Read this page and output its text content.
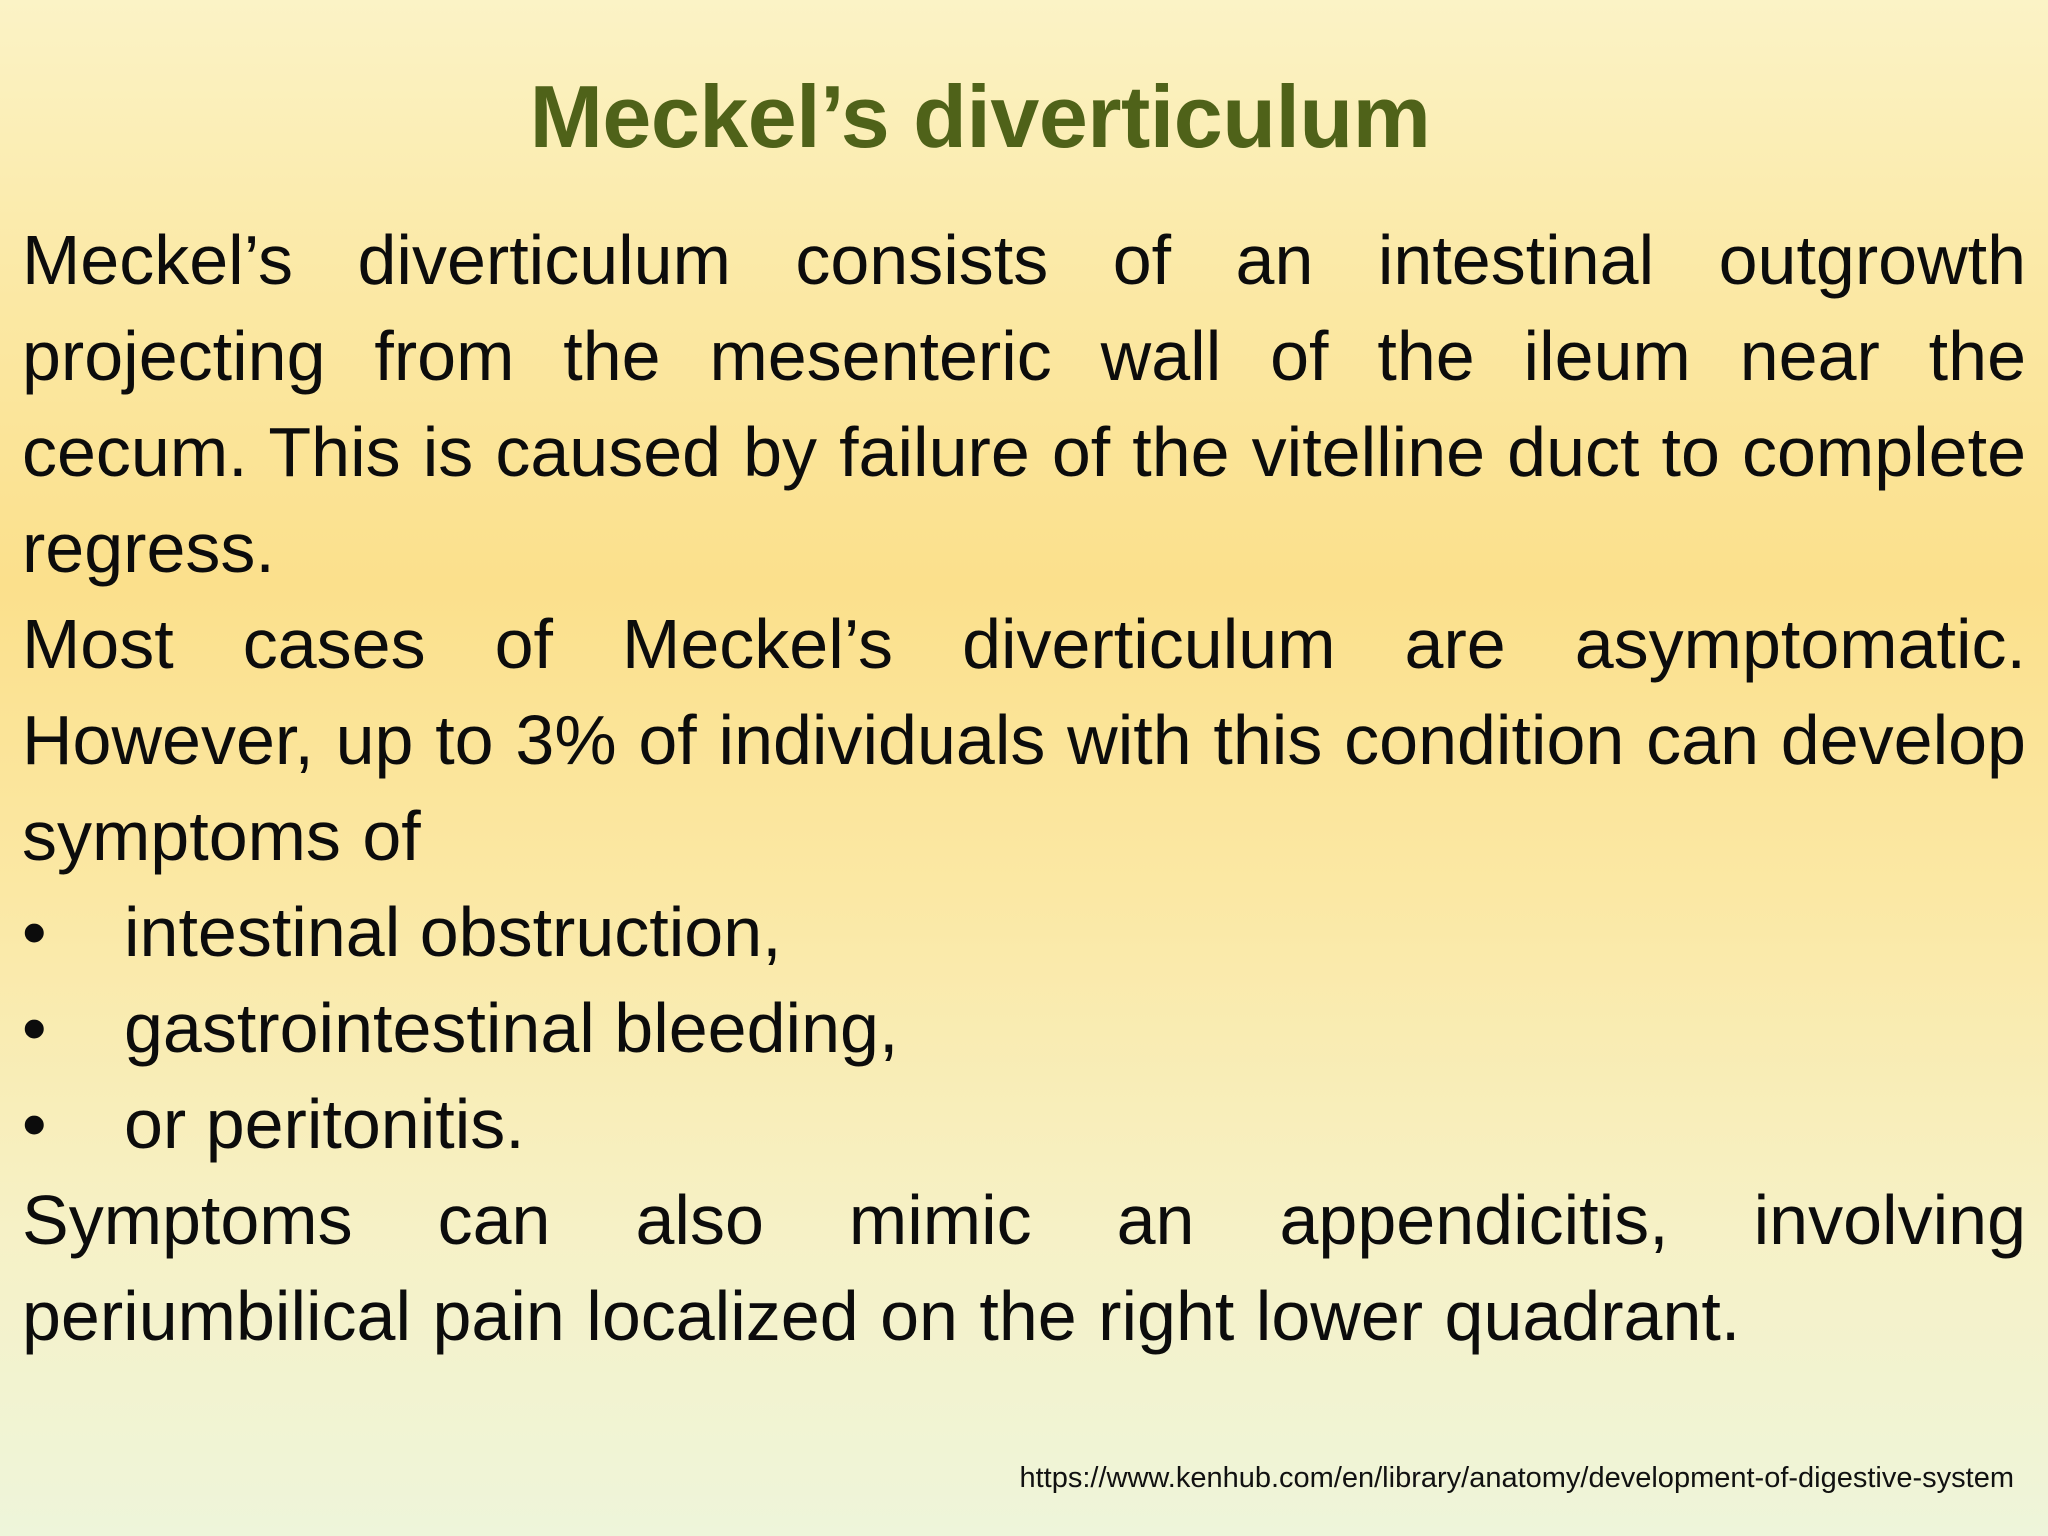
Meckel’s diverticulum

Meckel’s diverticulum consists of an intestinal outgrowth projecting from the mesenteric wall of the ileum near the cecum. This is caused by failure of the vitelline duct to complete regress.

Most cases of Meckel’s diverticulum are asymptomatic. However, up to 3% of individuals with this condition can develop symptoms of

• intestinal obstruction,
• gastrointestinal bleeding,
• or peritonitis.

Symptoms can also mimic an appendicitis, involving periumbilical pain localized on the right lower quadrant.

https://www.kenhub.com/en/library/anatomy/development-of-digestive-system
